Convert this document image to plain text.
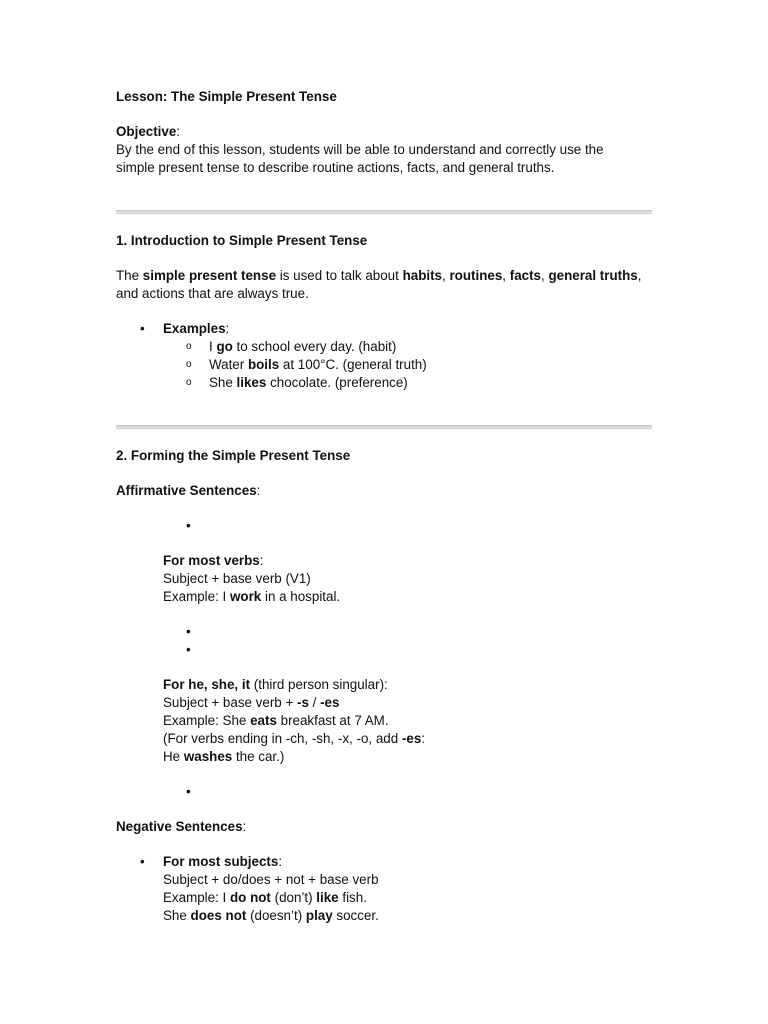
Lesson: The Simple Present Tense

Objective:

By the end of this lesson, students will be able to understand and correctly use the

simple present tense to describe routine actions, facts, and general truths.

1. Introduction to Simple Present Tense

The simple present tense is used to talk about habits, routines, facts, general truths,

and actions that are always true.

• Examples:
o I go to school every day. (habit)
o Water boils at 100°C. (general truth)
o She likes chocolate. (preference)

2. Forming the Simple Present Tense

Affirmative Sentences:

•

For most verbs:

Subject + base verb (V1)

Example: I work in a hospital.

•
•

For he, she, it (third person singular):

Subject + base verb + -s / -es

Example: She eats breakfast at 7 AM.

(For verbs ending in -ch, -sh, -x, -o, add -es:

He washes the car.)

•

Negative Sentences:

• For most subjects:

Subject + do/does + not + base verb

Example: I do not (don’t) like fish.

She does not (doesn’t) play soccer.
